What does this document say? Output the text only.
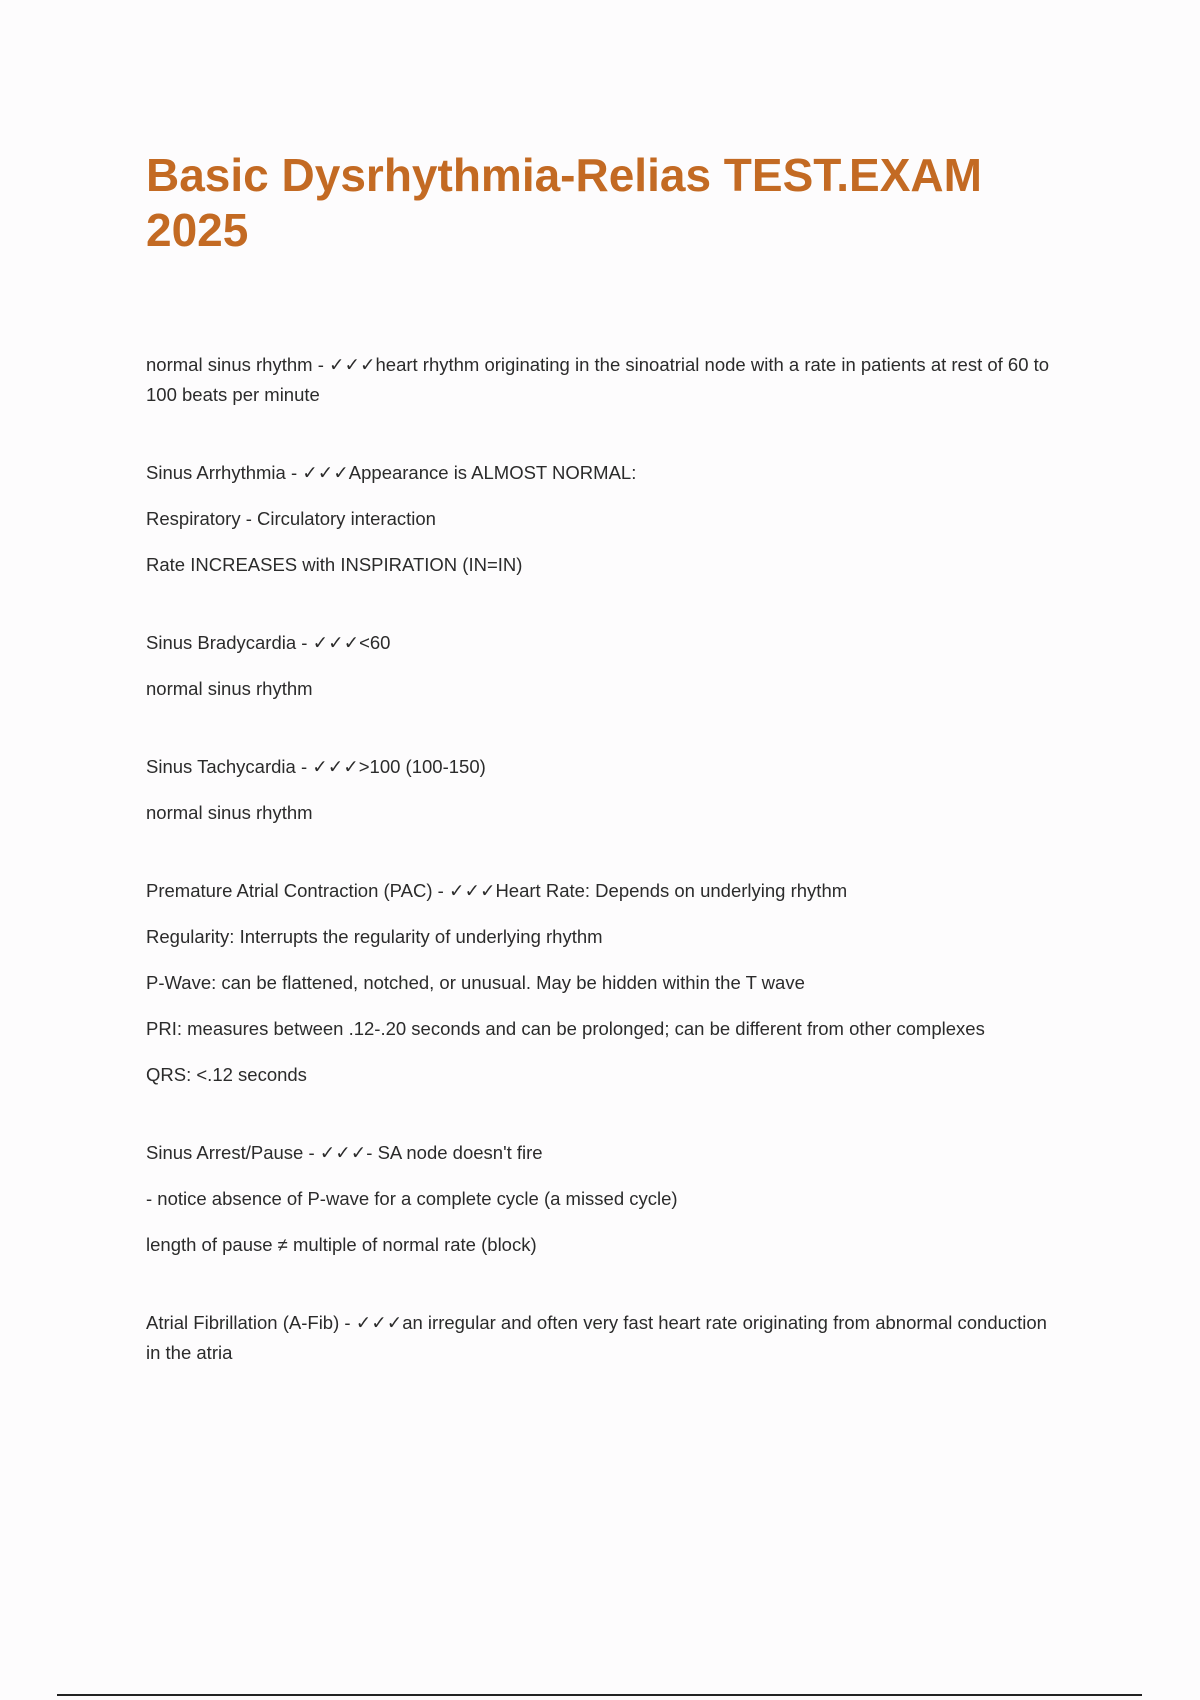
Basic Dysrhythmia-Relias TEST.EXAM 2025

normal sinus rhythm - ✓✓✓heart rhythm originating in the sinoatrial node with a rate in patients at rest of 60 to 100 beats per minute

Sinus Arrhythmia - ✓✓✓Appearance is ALMOST NORMAL:

Respiratory - Circulatory interaction

Rate INCREASES with INSPIRATION (IN=IN)

Sinus Bradycardia - ✓✓✓<60

normal sinus rhythm

Sinus Tachycardia - ✓✓✓>100 (100-150)

normal sinus rhythm

Premature Atrial Contraction (PAC) - ✓✓✓Heart Rate: Depends on underlying rhythm

Regularity: Interrupts the regularity of underlying rhythm

P-Wave: can be flattened, notched, or unusual. May be hidden within the T wave

PRI: measures between .12-.20 seconds and can be prolonged; can be different from other complexes

QRS: <.12 seconds

Sinus Arrest/Pause - ✓✓✓- SA node doesn't fire

- notice absence of P-wave for a complete cycle (a missed cycle)

length of pause ≠ multiple of normal rate (block)

Atrial Fibrillation (A-Fib) - ✓✓✓an irregular and often very fast heart rate originating from abnormal conduction in the atria
